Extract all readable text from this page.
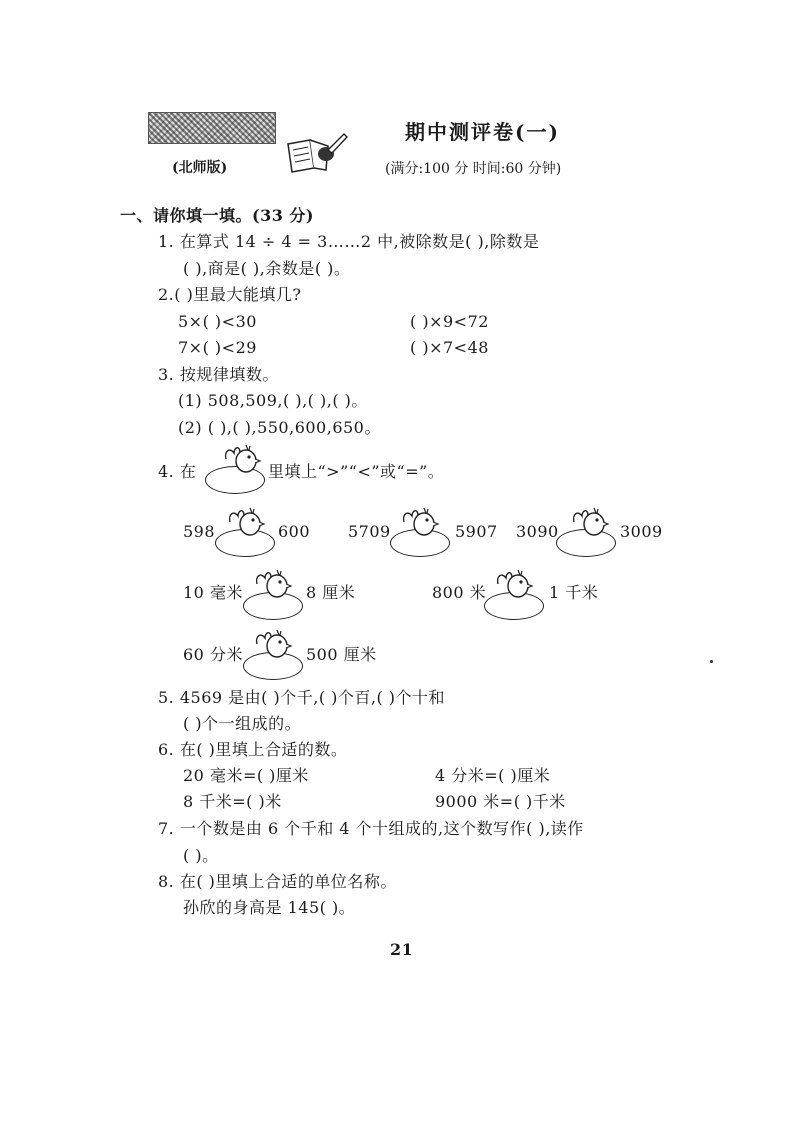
期中测评卷(一)
(北师版)	(满分:100 分 时间:60 分钟)
一、请你填一填。(33 分)
1. 在算式 14 ÷ 4 = 3……2 中,被除数是( ),除数是
( ),商是( ),余数是( )。
2.( )里最大能填几?
5×( )<30	( )×9<72
7×( )<29	( )×7<48
3. 按规律填数。
(1) 508,509,( ),( ),( )。
(2) ( ),( ),550,600,650。
4. 在	里填上“>”“<”或“=”。
598	600 5709	5907 3090	3009
10 毫米	8 厘米	800 米	1 千米
60 分米	500 厘米
5. 4569 是由( )个千,( )个百,( )个十和
( )个一组成的。
6. 在( )里填上合适的数。
20 毫米=( )厘米	4 分米=( )厘米
8 千米=( )米	9000 米=( )千米
7. 一个数是由 6 个千和 4 个十组成的,这个数写作( ),读作
( )。
8. 在( )里填上合适的单位名称。
孙欣的身高是 145( )。
21
